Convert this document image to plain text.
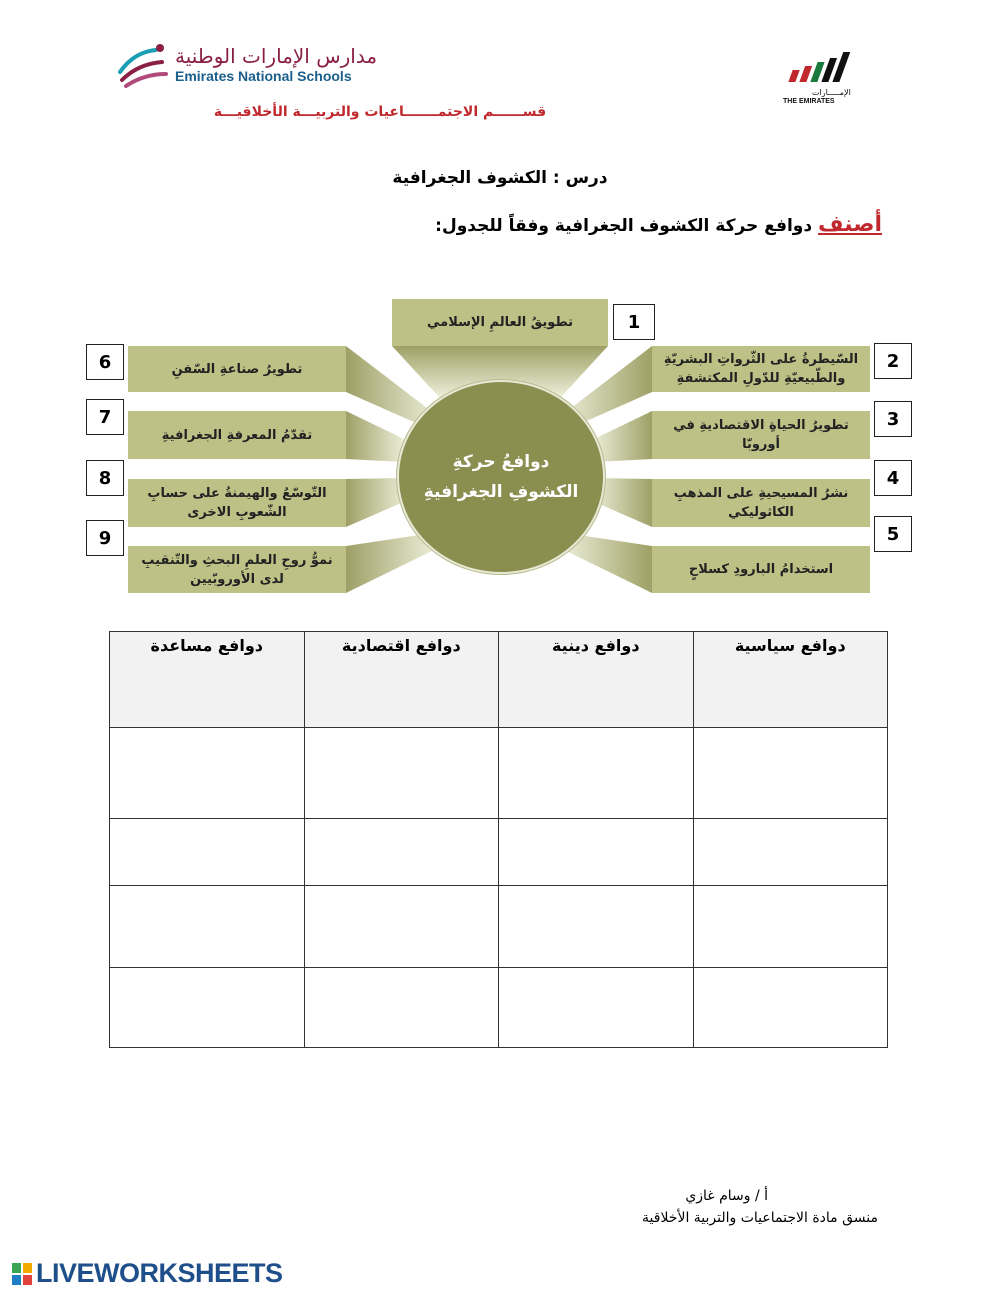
مدارس الإمارات الوطنية
Emirates National Schools
قســــــم الاجتمـــــــاعيات والتربيـــة الأخلاقيـــة
الإمـــــارات
THE EMIRATES
درس : الكشوف الجغرافية
أصنف دوافع حركة الكشوف الجغرافية وفقاً للجدول:
دوافعُ حركةِ الكشوفِ الجغرافيةِ
تطويقُ العالمِ الإسلامي
السّيطرةُ على الثّرواتِ البشريّةِ والطّبيعيّةِ للدّولِ المكتشفةِ
تطويرُ الحياةِ الاقتصاديةِ في أوروبّا
نشرُ المسيحيةِ على المذهبِ الكاثوليكي
استخدامُ البارودِ كسلاحٍ
تطويرُ صناعةِ السّفنِ
تقدّمُ المعرفةِ الجغرافيةِ
التّوسّعُ والهيمنةُ على حسابِ الشّعوبِ الاخرى
نموُّ روحِ العلمِ البحثِ والتّنقيبِ لدى الأوروبّيين
1
2
3
4
5
6
7
8
9
دوافع سياسية	دوافع دينية	دوافع اقتصادية	دوافع مساعدة

أ / وسام غازي
منسق مادة الاجتماعيات والتربية الأخلاقية
LIVEWORKSHEETS
